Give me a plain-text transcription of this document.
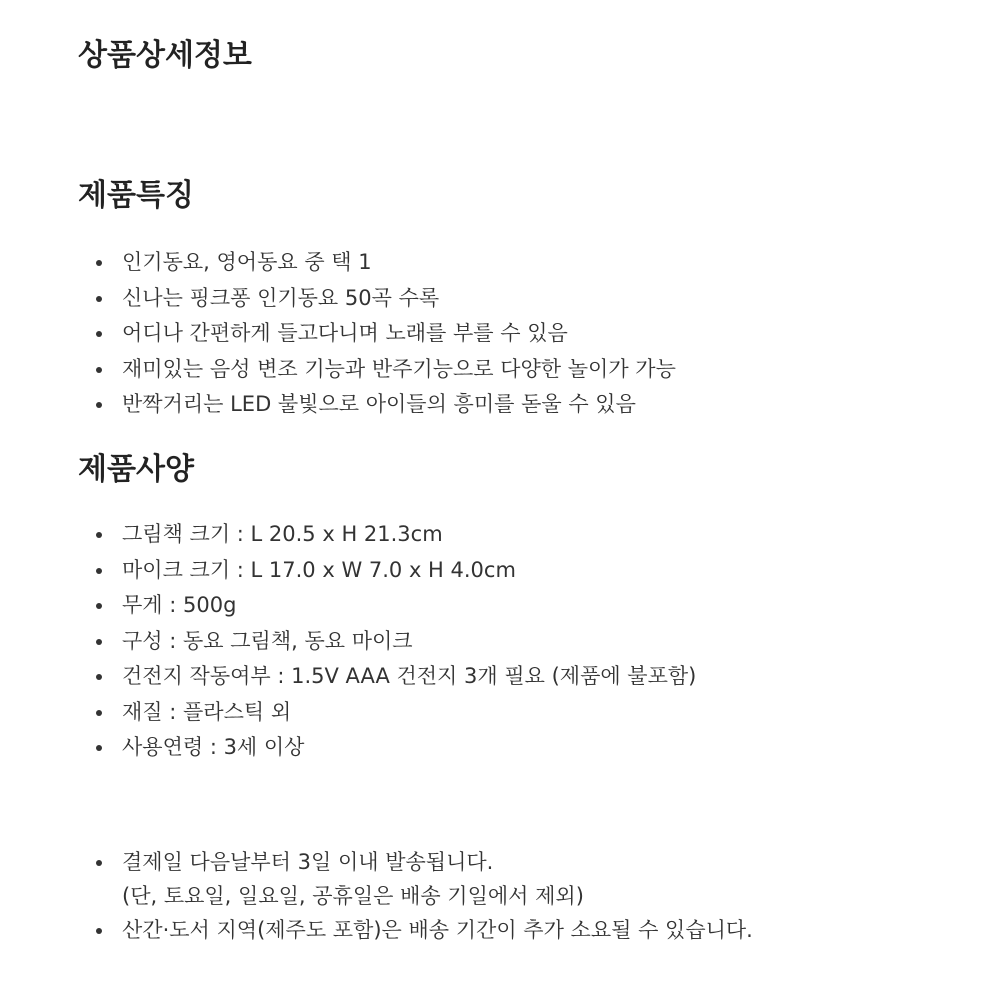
상품상세정보
제품특징
인기동요, 영어동요 중 택 1
신나는 핑크퐁 인기동요 50곡 수록
어디나 간편하게 들고다니며 노래를 부를 수 있음
재미있는 음성 변조 기능과 반주기능으로 다양한 놀이가 가능
반짝거리는 LED 불빛으로 아이들의 흥미를 돋울 수 있음
제품사양
그림책 크기 : L 20.5 x H 21.3cm
마이크 크기 : L 17.0 x W 7.0 x H 4.0cm
무게 : 500g
구성 : 동요 그림책, 동요 마이크
건전지 작동여부 : 1.5V AAA 건전지 3개 필요 (제품에 불포함)
재질 : 플라스틱 외
사용연령 : 3세 이상
결제일 다음날부터 3일 이내 발송됩니다.
(단, 토요일, 일요일, 공휴일은 배송 기일에서 제외)
산간·도서 지역(제주도 포함)은 배송 기간이 추가 소요될 수 있습니다.
